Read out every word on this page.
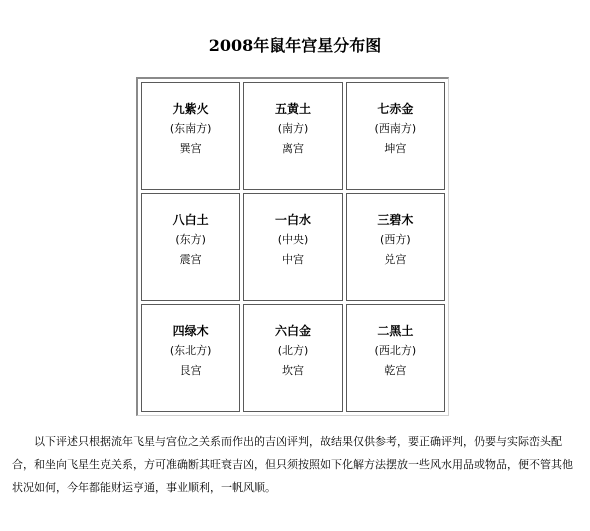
2008年鼠年宫星分布图
九紫火
(东南方)
巽宫
五黄土
(南方)
离宫
七赤金
(西南方)
坤宫
八白土
(东方)
震宫
一白水
(中央)
中宫
三碧木
(西方)
兑宫
四绿木
(东北方)
艮宫
六白金
(北方)
坎宫
二黑土
(西北方)
乾宫

以下评述只根据流年飞星与宫位之关系而作出的吉凶评判，故结果仅供参考，要正确评判，仍要与实际峦头配合，和坐向飞星生克关系，方可准确断其旺衰吉凶，但只须按照如下化解方法摆放一些风水用品或物品，便不管其他状况如何，今年都能财运亨通，事业顺利，一帆风顺。
